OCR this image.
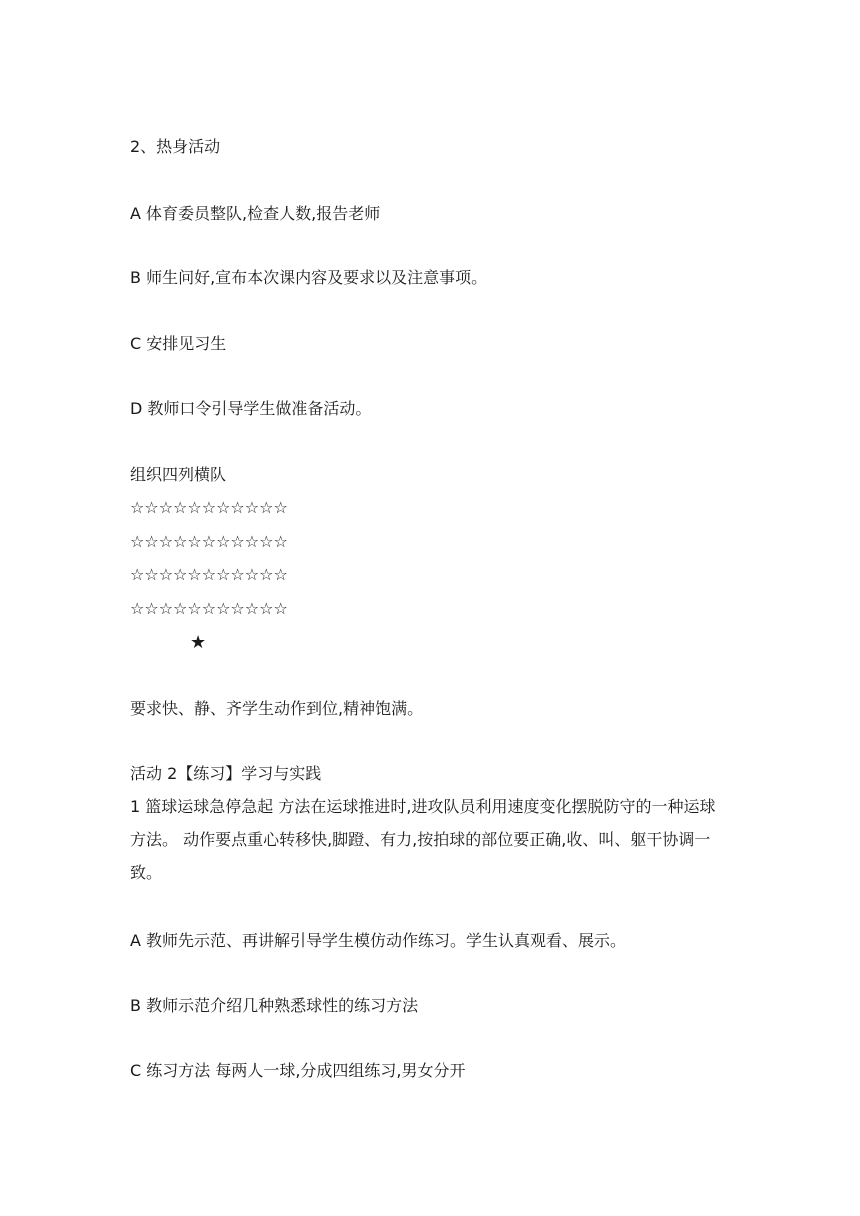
2、热身活动
A 体育委员整队,检查人数,报告老师
B 师生问好,宣布本次课内容及要求以及注意事项。
C 安排见习生
D 教师口令引导学生做准备活动。
组织四列横队
☆☆☆☆☆☆☆☆☆☆☆
☆☆☆☆☆☆☆☆☆☆☆
☆☆☆☆☆☆☆☆☆☆☆
☆☆☆☆☆☆☆☆☆☆☆
★
要求快、静、齐学生动作到位,精神饱满。
活动 2【练习】学习与实践
1 篮球运球急停急起 方法在运球推进时,进攻队员利用速度变化摆脱防守的一种运球方法。 动作要点重心转移快,脚蹬、有力,按拍球的部位要正确,收、叫、躯干协调一致。
A 教师先示范、再讲解引导学生模仿动作练习。学生认真观看、展示。
B 教师示范介绍几种熟悉球性的练习方法
C 练习方法 每两人一球,分成四组练习,男女分开
